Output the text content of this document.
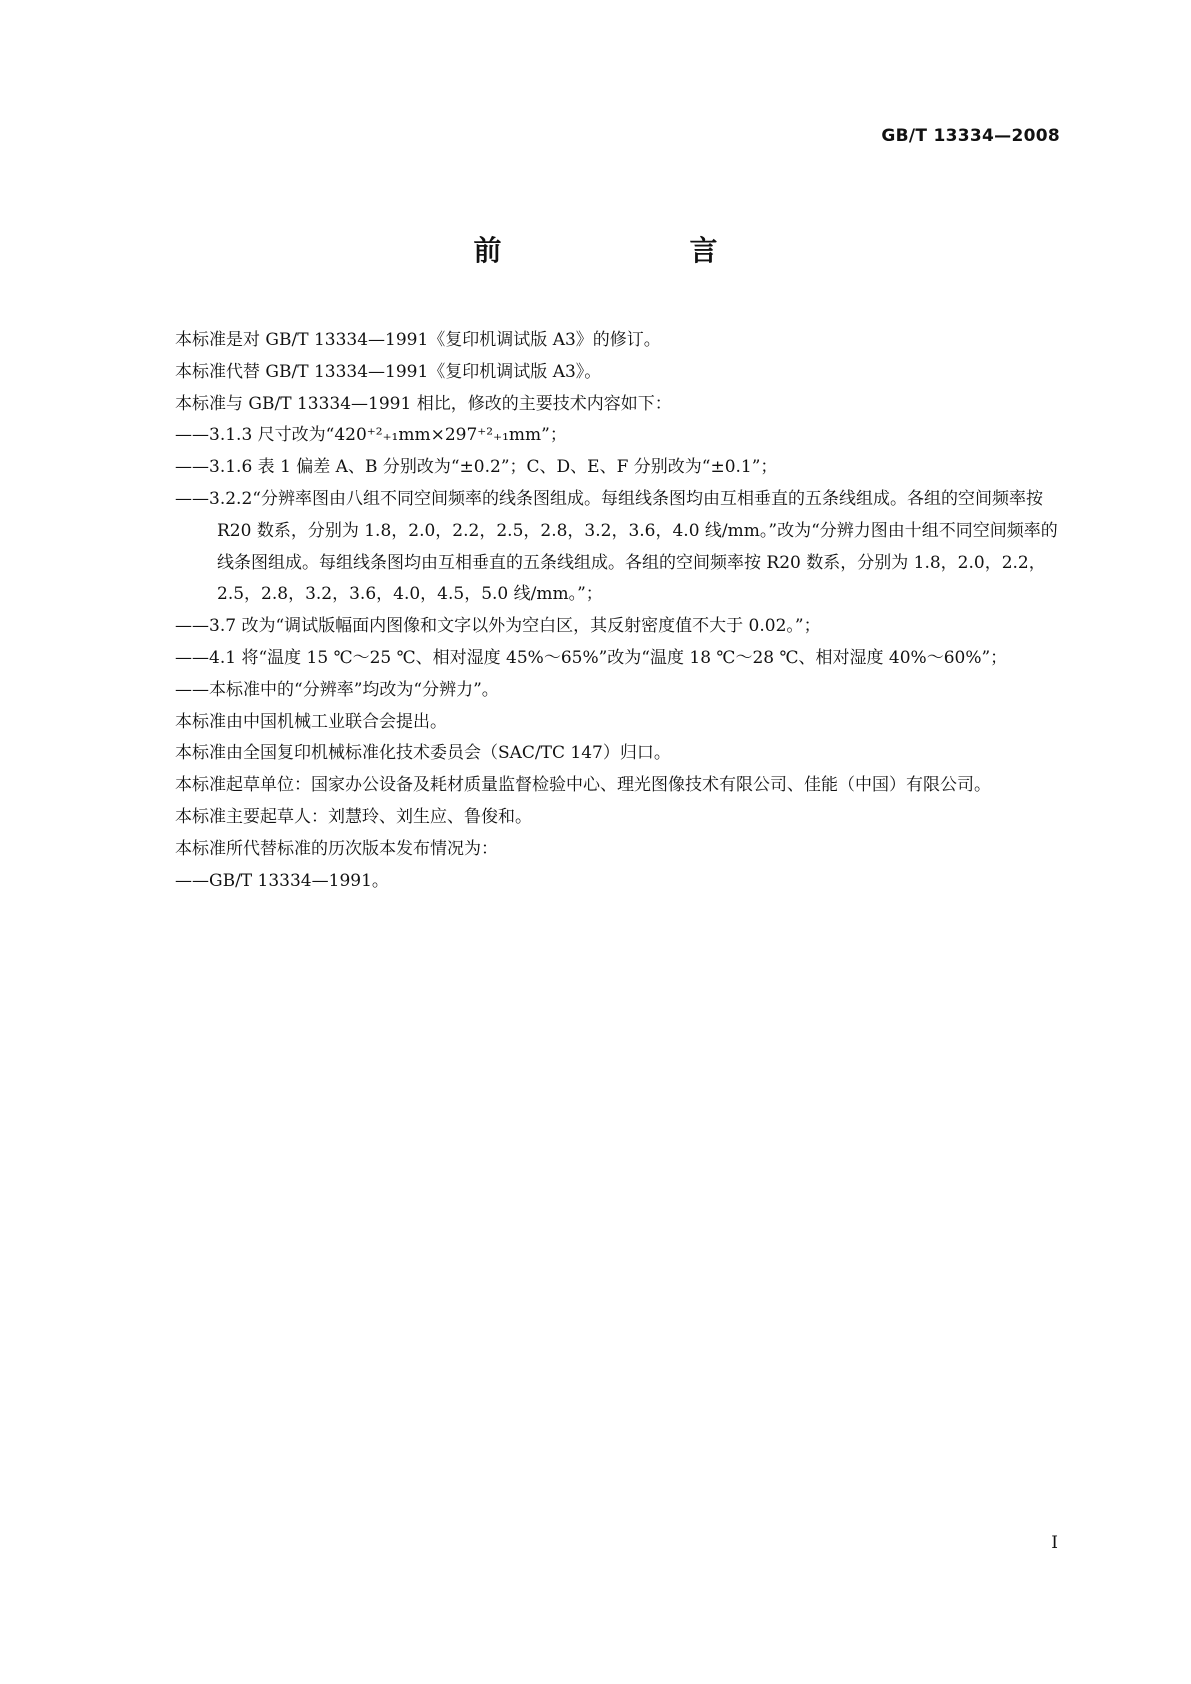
GB/T 13334—2008
前　　言

本标准是对 GB/T 13334—1991《复印机调试版 A3》的修订。

本标准代替 GB/T 13334—1991《复印机调试版 A3》。

本标准与 GB/T 13334—1991 相比，修改的主要技术内容如下：

——3.1.3 尺寸改为“420⁺²₊₁mm×297⁺²₊₁mm”；

——3.1.6 表 1 偏差 A、B 分别改为“±0.2”；C、D、E、F 分别改为“±0.1”；

——3.2.2“分辨率图由八组不同空间频率的线条图组成。每组线条图均由互相垂直的五条线组成。各组的空间频率按 R20 数系，分别为 1.8，2.0，2.2，2.5，2.8，3.2，3.6，4.0 线/mm。”改为“分辨力图由十组不同空间频率的线条图组成。每组线条图均由互相垂直的五条线组成。各组的空间频率按 R20 数系，分别为 1.8，2.0，2.2，2.5，2.8，3.2，3.6，4.0，4.5，5.0 线/mm。”；

——3.7 改为“调试版幅面内图像和文字以外为空白区，其反射密度值不大于 0.02。”；

——4.1 将“温度 15 ℃～25 ℃、相对湿度 45%～65%”改为“温度 18 ℃～28 ℃、相对湿度 40%～60%”；

——本标准中的“分辨率”均改为“分辨力”。

本标准由中国机械工业联合会提出。

本标准由全国复印机械标准化技术委员会（SAC/TC 147）归口。

本标准起草单位：国家办公设备及耗材质量监督检验中心、理光图像技术有限公司、佳能（中国）有限公司。

本标准主要起草人：刘慧玲、刘生应、鲁俊和。

本标准所代替标准的历次版本发布情况为：

——GB/T 13334—1991。

Ⅰ
